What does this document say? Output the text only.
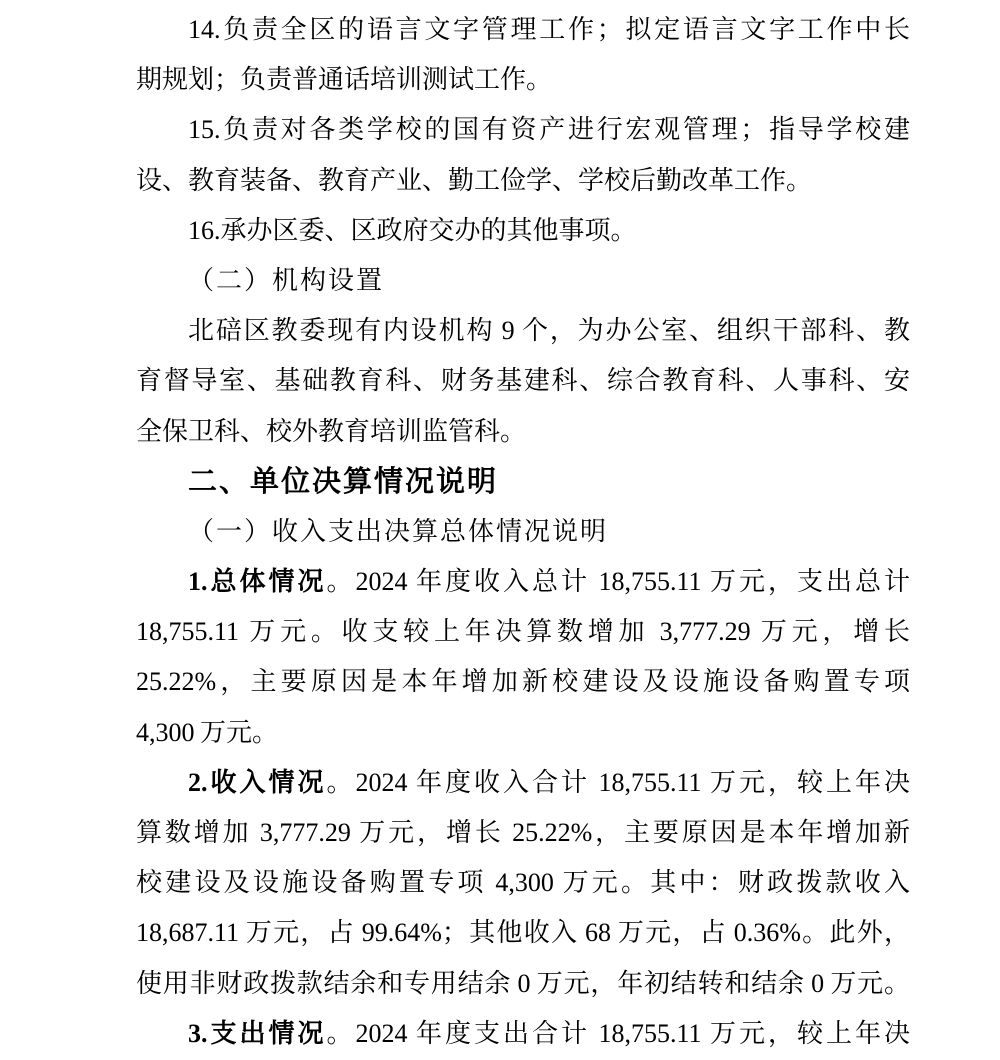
14.负责全区的语言文字管理工作；拟定语言文字工作中长
期规划；负责普通话培训测试工作。
15.负责对各类学校的国有资产进行宏观管理；指导学校建
设、教育装备、教育产业、勤工俭学、学校后勤改革工作。
16.承办区委、区政府交办的其他事项。
（二）机构设置
北碚区教委现有内设机构 9 个，为办公室、组织干部科、教
育督导室、基础教育科、财务基建科、综合教育科、人事科、安
全保卫科、校外教育培训监管科。
二、单位决算情况说明
（一）收入支出决算总体情况说明
1.总体情况。2024 年度收入总计 18,755.11 万元，支出总计
18,755.11 万元。收支较上年决算数增加 3,777.29 万元，增长
25.22%，主要原因是本年增加新校建设及设施设备购置专项
4,300 万元。
2.收入情况。2024 年度收入合计 18,755.11 万元，较上年决
算数增加 3,777.29 万元，增长 25.22%，主要原因是本年增加新
校建设及设施设备购置专项 4,300 万元。其中：财政拨款收入
18,687.11 万元，占 99.64%；其他收入 68 万元，占 0.36%。此外，
使用非财政拨款结余和专用结余 0 万元，年初结转和结余 0 万元。
3.支出情况。2024 年度支出合计 18,755.11 万元，较上年决
